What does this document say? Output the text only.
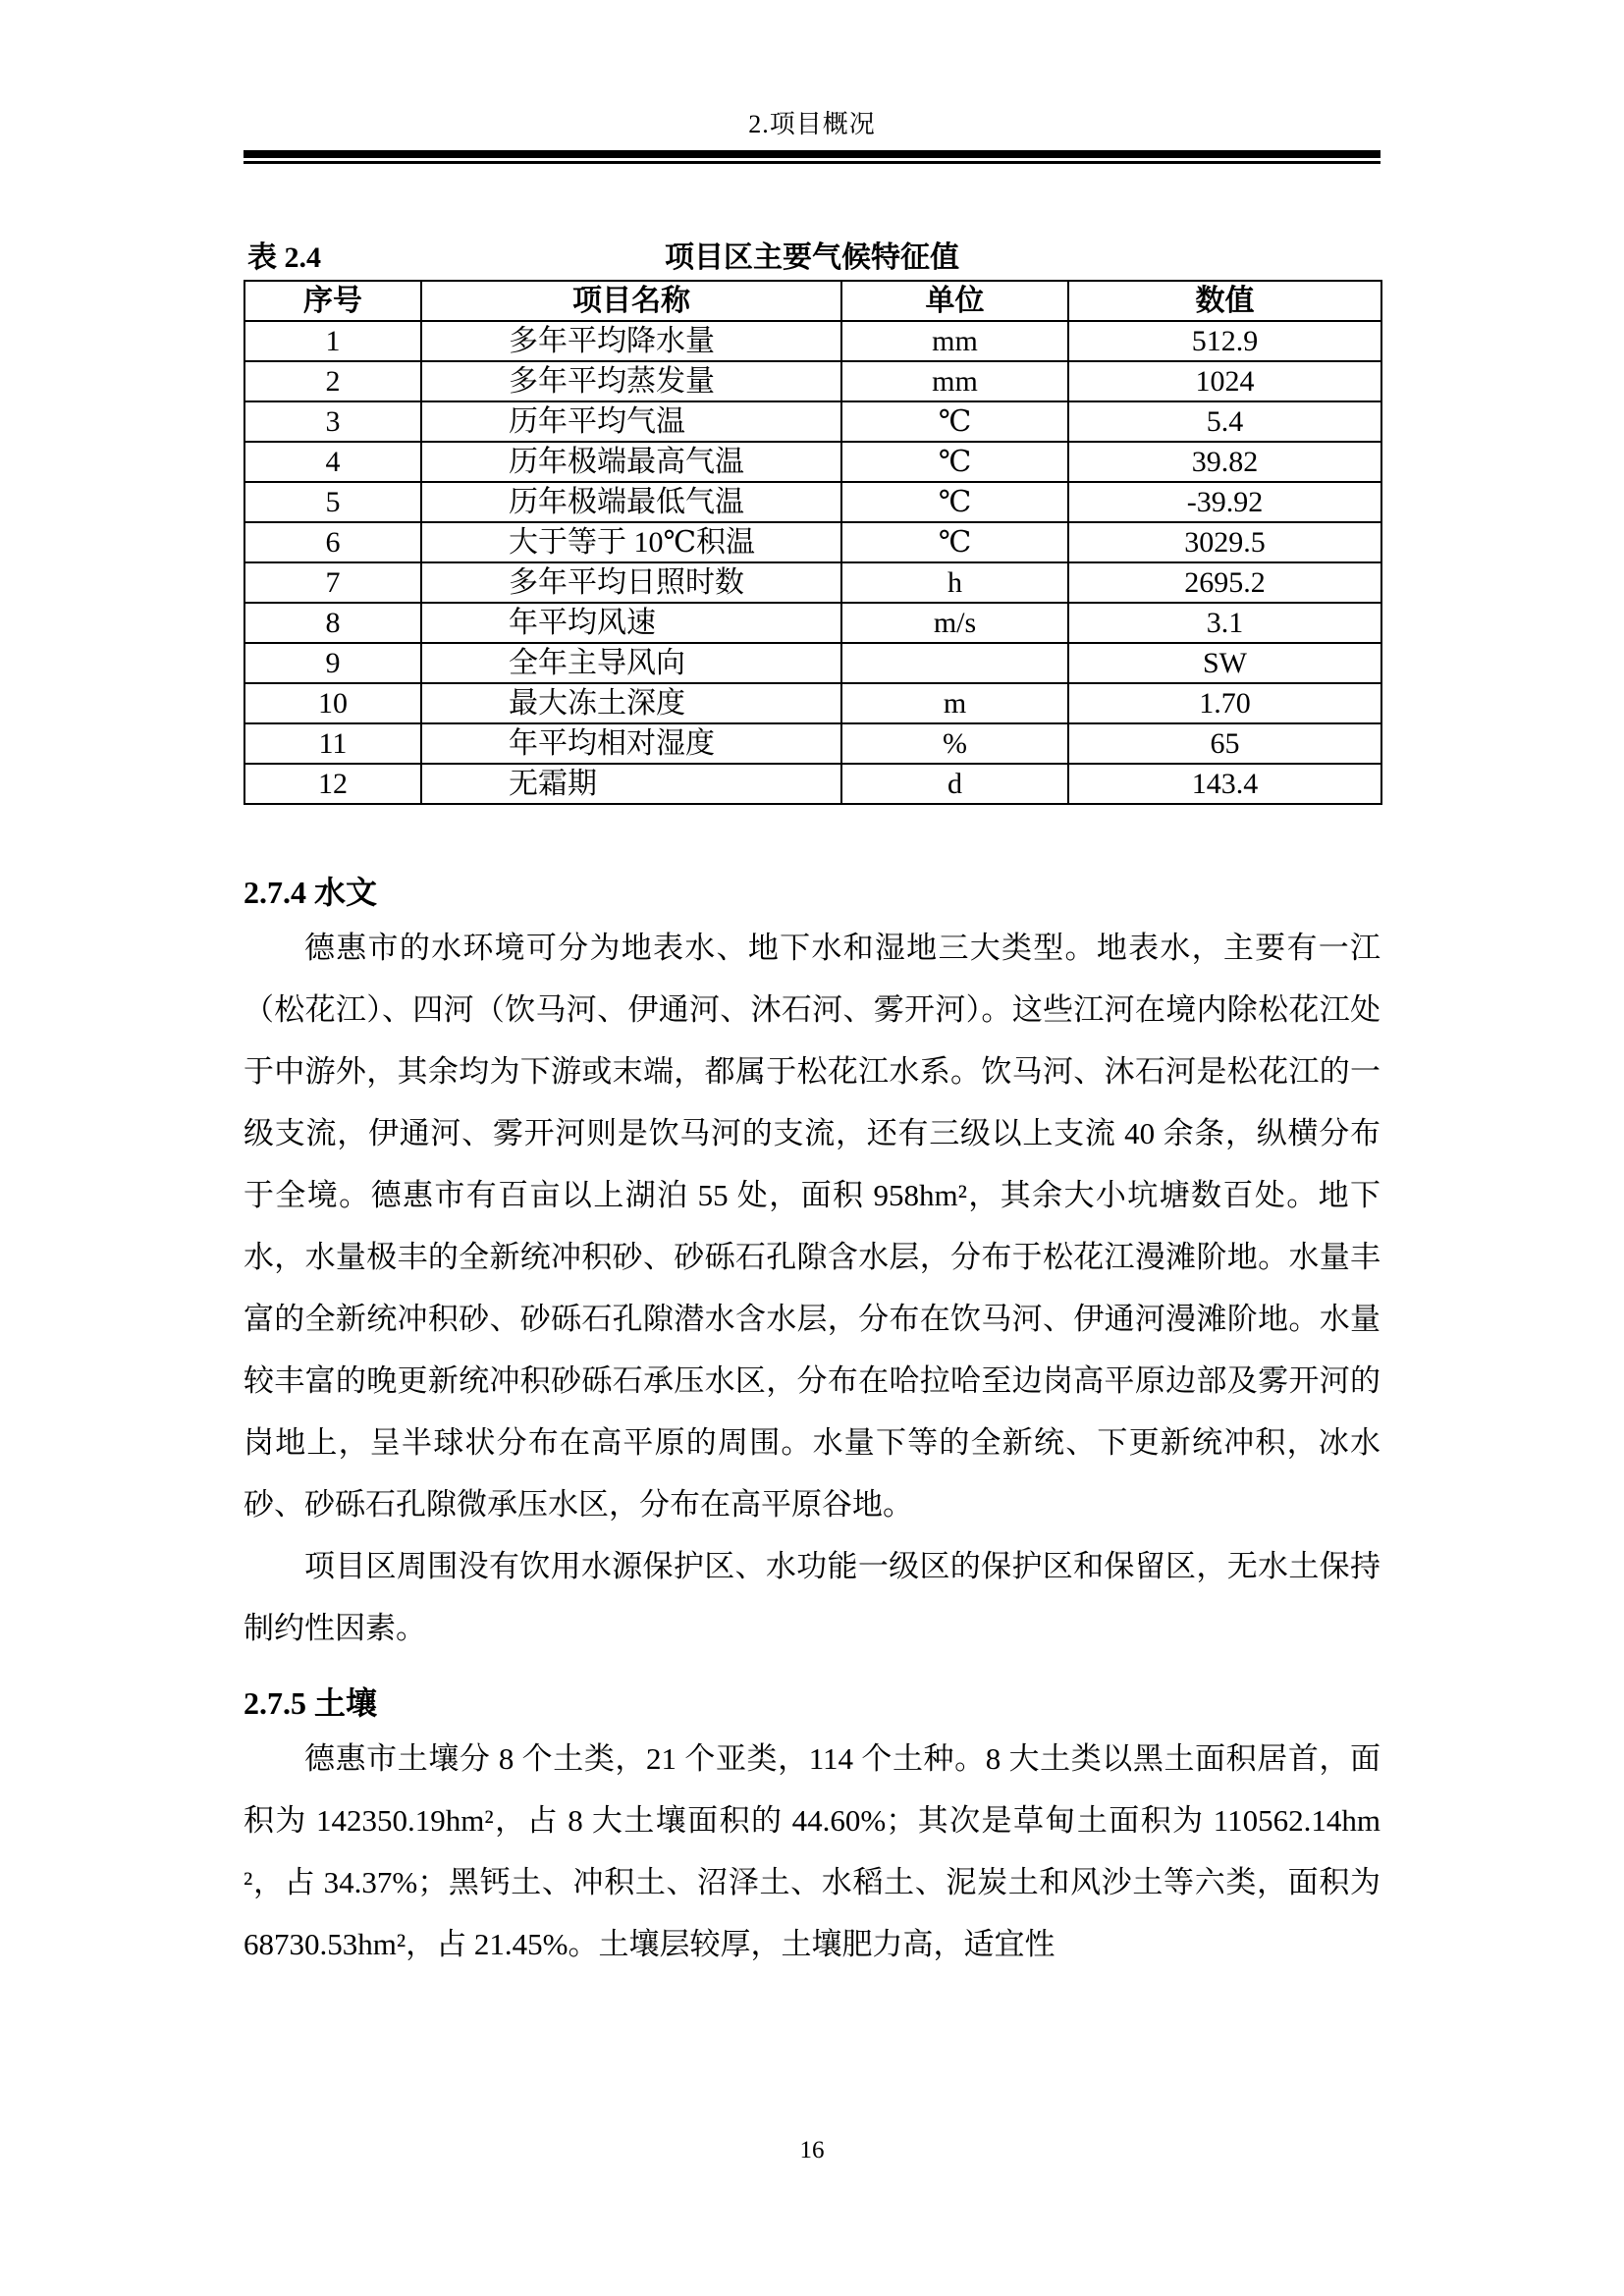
2.项目概况
表 2.4	项目区主要气候特征值
序号	项目名称	单位	数值
1	多年平均降水量	mm	512.9
2	多年平均蒸发量	mm	1024
3	历年平均气温	℃	5.4
4	历年极端最高气温	℃	39.82
5	历年极端最低气温	℃	-39.92
6	大于等于 10℃积温	℃	3029.5
7	多年平均日照时数	h	2695.2
8	年平均风速	m/s	3.1
9	全年主导风向		SW
10	最大冻土深度	m	1.70
11	年平均相对湿度	%	65
12	无霜期	d	143.4
2.7.4 水文

德惠市的水环境可分为地表水、地下水和湿地三大类型。地表水，主要有一江（松花江）、四河（饮马河、伊通河、沐石河、雾开河）。这些江河在境内除松花江处于中游外，其余均为下游或末端，都属于松花江水系。饮马河、沐石河是松花江的一级支流，伊通河、雾开河则是饮马河的支流，还有三级以上支流 40 余条，纵横分布于全境。德惠市有百亩以上湖泊 55 处，面积 958hm²，其余大小坑塘数百处。地下水，水量极丰的全新统冲积砂、砂砾石孔隙含水层，分布于松花江漫滩阶地。水量丰富的全新统冲积砂、砂砾石孔隙潜水含水层，分布在饮马河、伊通河漫滩阶地。水量较丰富的晚更新统冲积砂砾石承压水区，分布在哈拉哈至边岗高平原边部及雾开河的岗地上，呈半球状分布在高平原的周围。水量下等的全新统、下更新统冲积，冰水砂、砂砾石孔隙微承压水区，分布在高平原谷地。

项目区周围没有饮用水源保护区、水功能一级区的保护区和保留区，无水土保持制约性因素。

2.7.5 土壤

德惠市土壤分 8 个土类，21 个亚类，114 个土种。8 大土类以黑土面积居首，面积为 142350.19hm²，占 8 大土壤面积的 44.60%；其次是草甸土面积为 110562.14hm²，占 34.37%；黑钙土、冲积土、沼泽土、水稻土、泥炭土和风沙土等六类，面积为 68730.53hm²，占 21.45%。土壤层较厚，土壤肥力高，适宜性

16
